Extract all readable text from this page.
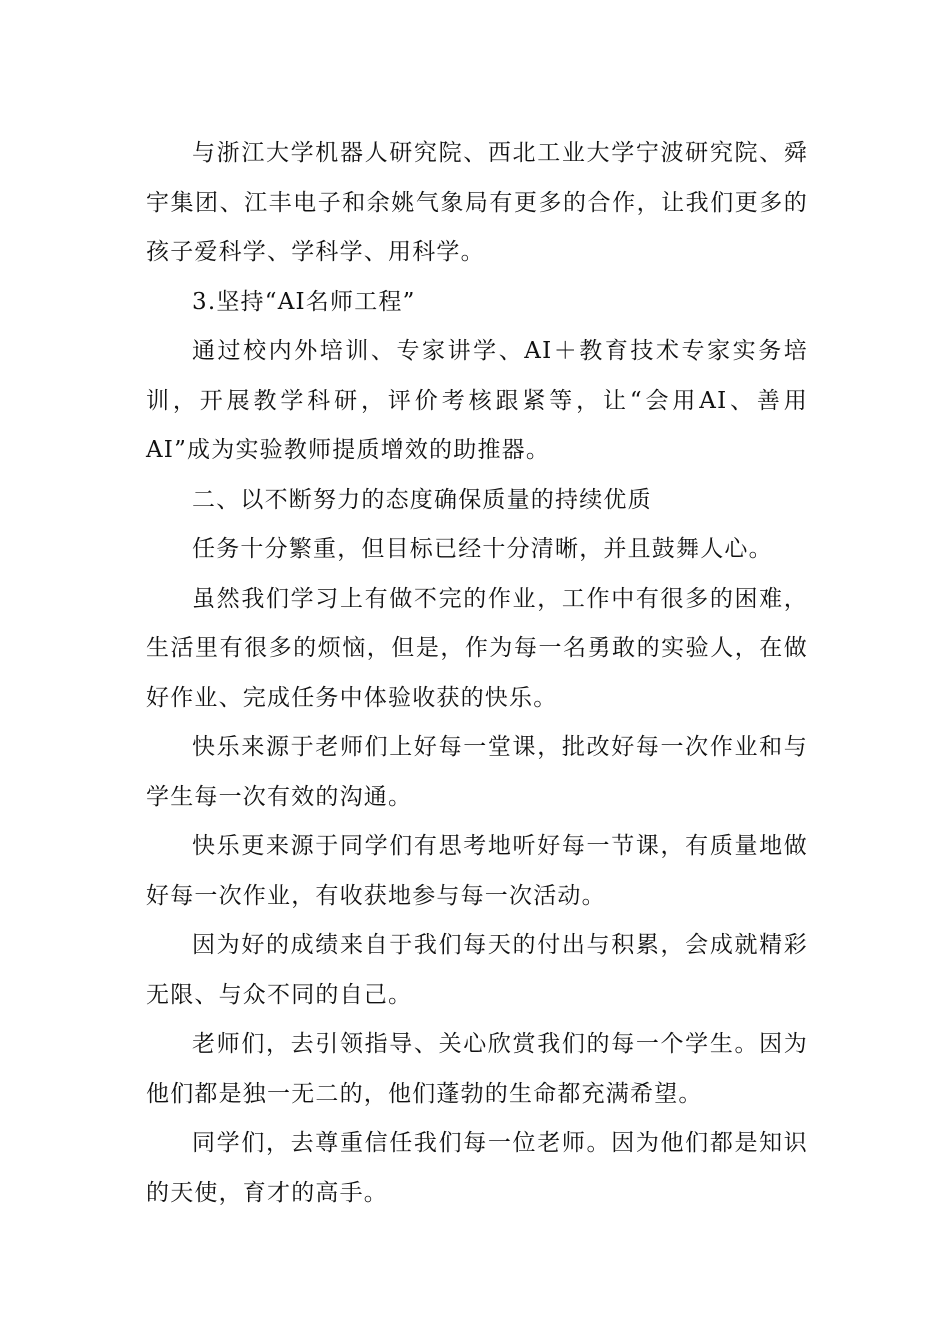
与浙江大学机器人研究院、西北工业大学宁波研究院、舜宇集团、江丰电子和余姚气象局有更多的合作，让我们更多的孩子爱科学、学科学、用科学。

3.坚持“AI名师工程”

通过校内外培训、专家讲学、AI＋教育技术专家实务培训，开展教学科研，评价考核跟紧等，让“会用AI、善用AI”成为实验教师提质增效的助推器。

二、以不断努力的态度确保质量的持续优质

任务十分繁重，但目标已经十分清晰，并且鼓舞人心。

虽然我们学习上有做不完的作业，工作中有很多的困难，生活里有很多的烦恼，但是，作为每一名勇敢的实验人，在做好作业、完成任务中体验收获的快乐。

快乐来源于老师们上好每一堂课，批改好每一次作业和与学生每一次有效的沟通。

快乐更来源于同学们有思考地听好每一节课，有质量地做好每一次作业，有收获地参与每一次活动。

因为好的成绩来自于我们每天的付出与积累，会成就精彩无限、与众不同的自己。

老师们，去引领指导、关心欣赏我们的每一个学生。因为他们都是独一无二的，他们蓬勃的生命都充满希望。

同学们，去尊重信任我们每一位老师。因为他们都是知识的天使，育才的高手。
